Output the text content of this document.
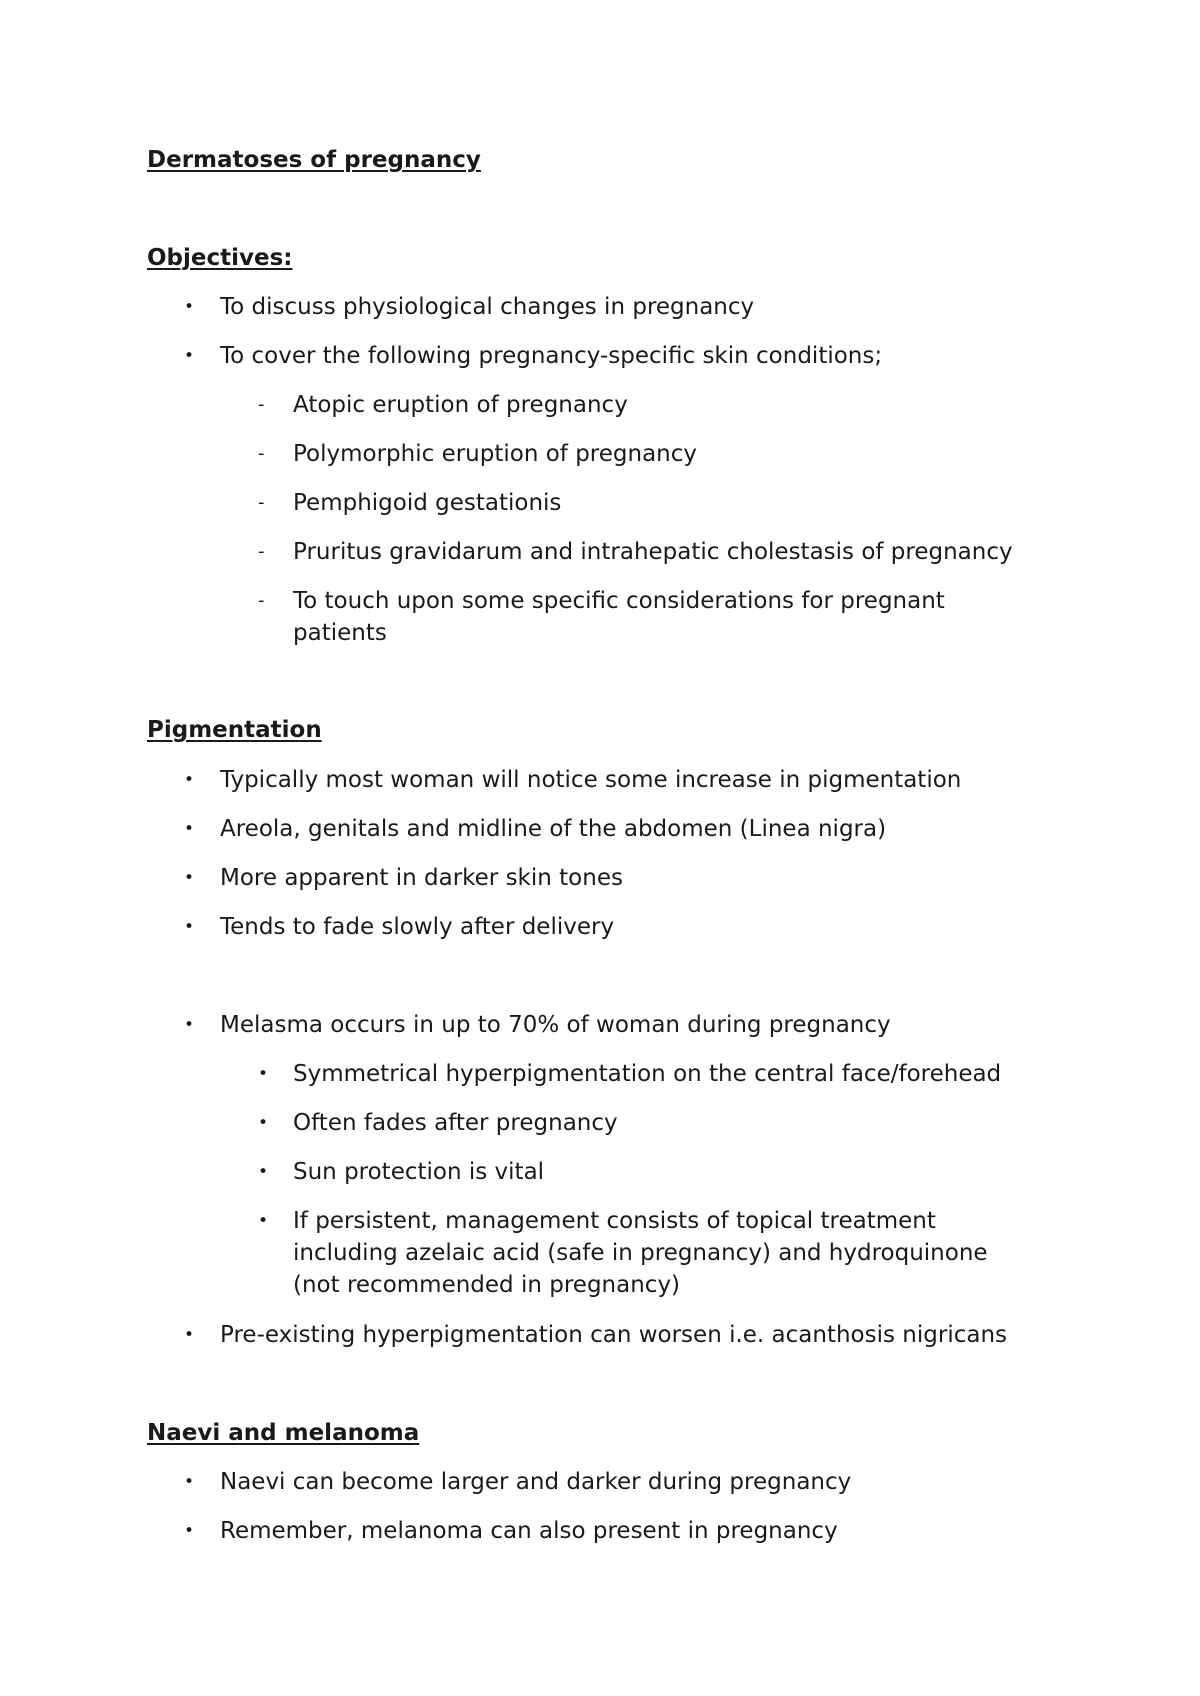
Dermatoses of pregnancy
Objectives:
• To discuss physiological changes in pregnancy
• To cover the following pregnancy-specific skin conditions;
- Atopic eruption of pregnancy
- Polymorphic eruption of pregnancy
- Pemphigoid gestationis
- Pruritus gravidarum and intrahepatic cholestasis of pregnancy
- To touch upon some specific considerations for pregnant
patients
Pigmentation
• Typically most woman will notice some increase in pigmentation
• Areola, genitals and midline of the abdomen (Linea nigra)
• More apparent in darker skin tones
• Tends to fade slowly after delivery
• Melasma occurs in up to 70% of woman during pregnancy
• Symmetrical hyperpigmentation on the central face/forehead
• Often fades after pregnancy
• Sun protection is vital
• If persistent, management consists of topical treatment
including azelaic acid (safe in pregnancy) and hydroquinone
(not recommended in pregnancy)
• Pre-existing hyperpigmentation can worsen i.e. acanthosis nigricans
Naevi and melanoma
• Naevi can become larger and darker during pregnancy
• Remember, melanoma can also present in pregnancy
